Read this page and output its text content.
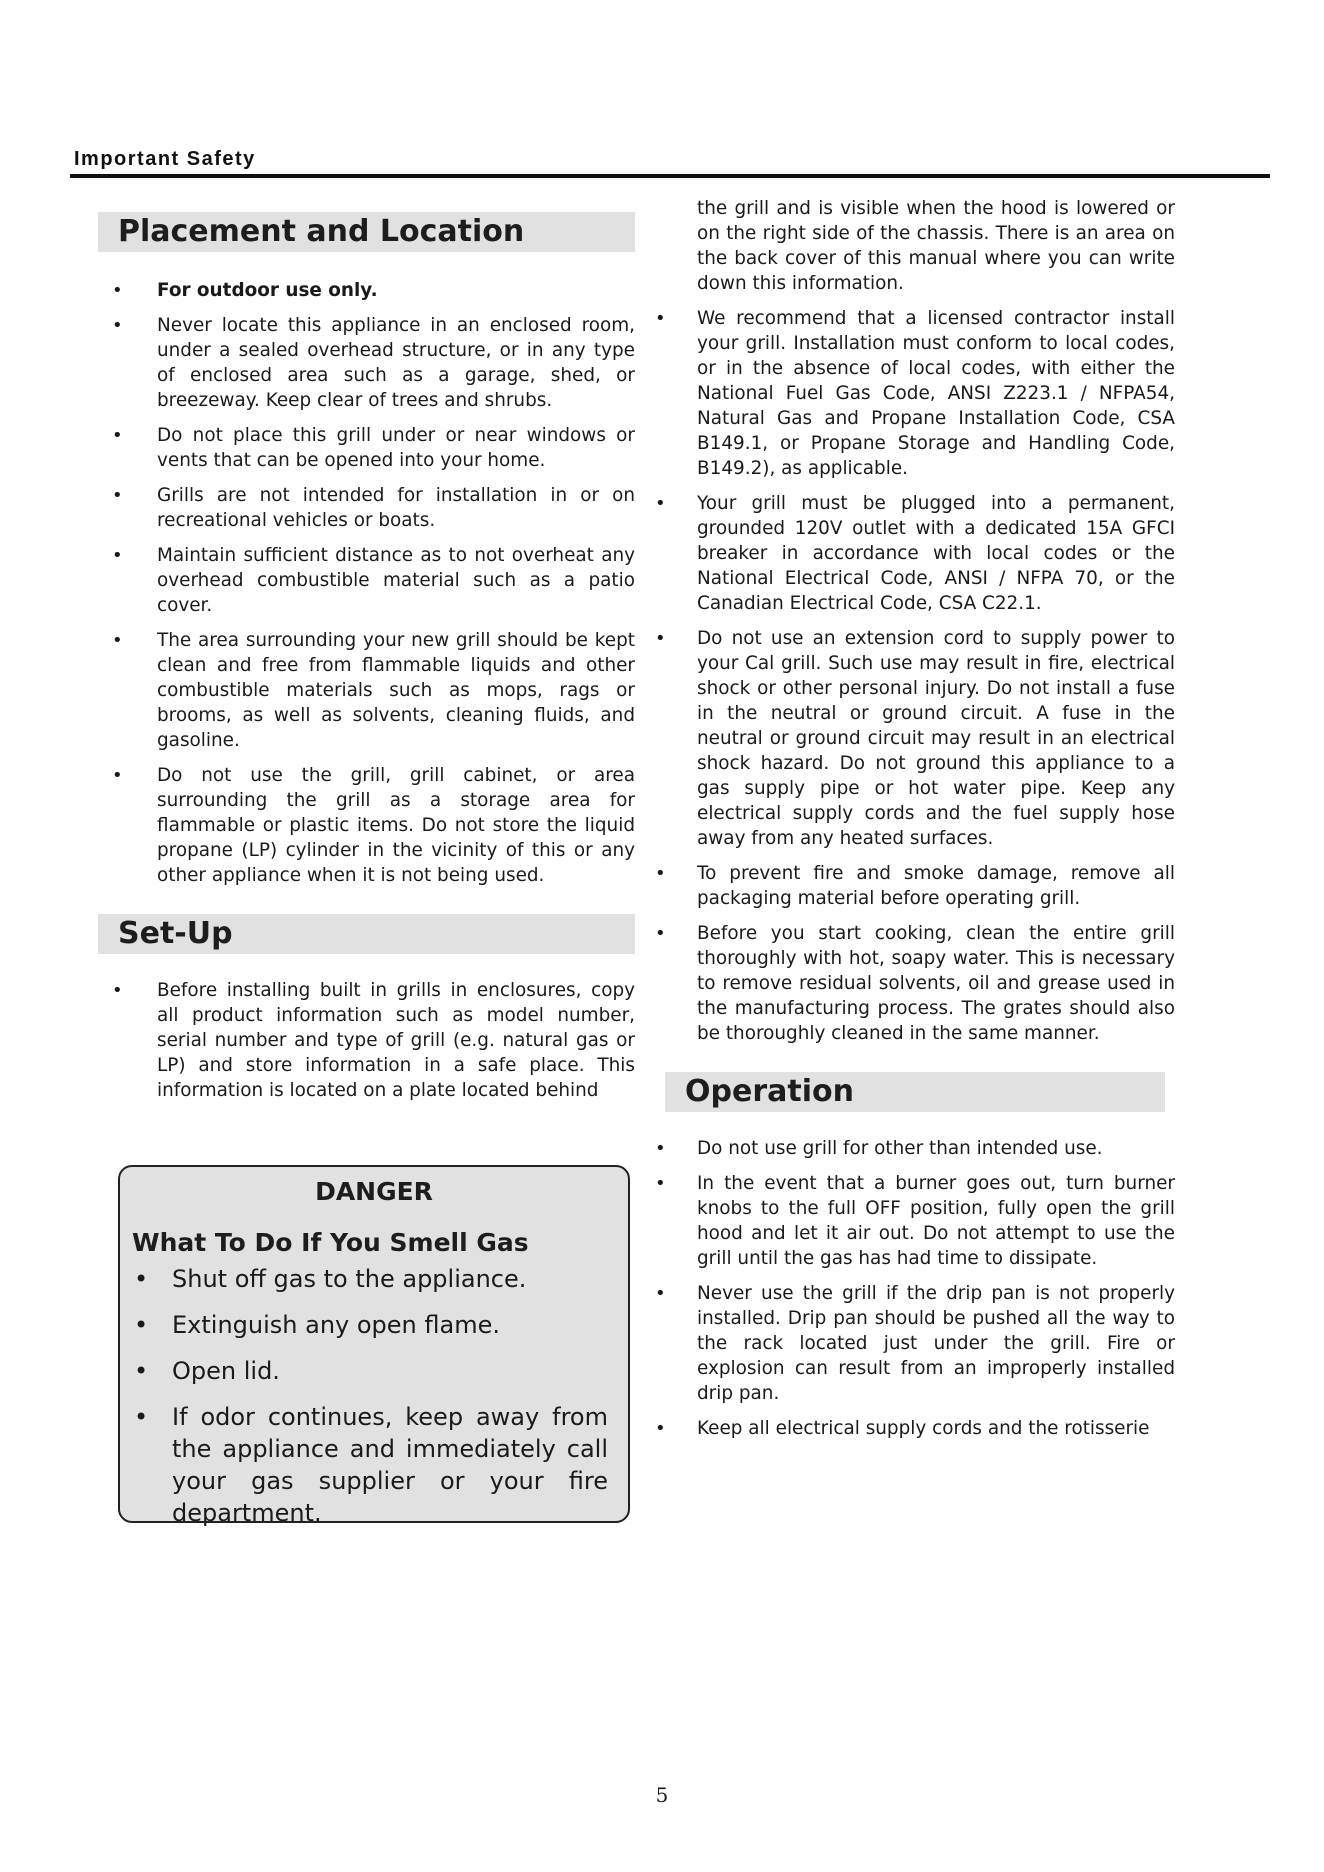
Important Safety
Placement and Location
• For outdoor use only.
• Never locate this appliance in an enclosed room, under a sealed overhead structure, or in any type of enclosed area such as a garage, shed, or breezeway. Keep clear of trees and shrubs.
• Do not place this grill under or near windows or vents that can be opened into your home.
• Grills are not intended for installation in or on recreational vehicles or boats.
• Maintain sufficient distance as to not overheat any overhead combustible material such as a patio cover.
• The area surrounding your new grill should be kept clean and free from flammable liquids and other combustible materials such as mops, rags or brooms, as well as solvents, cleaning fluids, and gasoline.
• Do not use the grill, grill cabinet, or area surrounding the grill as a storage area for flammable or plastic items. Do not store the liquid propane (LP) cylinder in the vicinity of this or any other appliance when it is not being used.
Set-Up
• Before installing built in grills in enclosures, copy all product information such as model number, serial number and type of grill (e.g. natural gas or LP) and store information in a safe place. This information is located on a plate located behind
DANGER
What To Do If You Smell Gas
• Shut off gas to the appliance.
• Extinguish any open flame.
• Open lid.
• If odor continues, keep away from the appliance and immediately call your gas supplier or your fire department.
the grill and is visible when the hood is lowered or on the right side of the chassis. There is an area on the back cover of this manual where you can write down this information.
• We recommend that a licensed contractor install your grill. Installation must conform to local codes, or in the absence of local codes, with either the National Fuel Gas Code, ANSI Z223.1 / NFPA54, Natural Gas and Propane Installation Code, CSA B149.1, or Propane Storage and Handling Code, B149.2), as applicable.
• Your grill must be plugged into a permanent, grounded 120V outlet with a dedicated 15A GFCI breaker in accordance with local codes or the National Electrical Code, ANSI / NFPA 70, or the Canadian Electrical Code, CSA C22.1.
• Do not use an extension cord to supply power to your Cal grill. Such use may result in fire, electrical shock or other personal injury. Do not install a fuse in the neutral or ground circuit. A fuse in the neutral or ground circuit may result in an electrical shock hazard. Do not ground this appliance to a gas supply pipe or hot water pipe. Keep any electrical supply cords and the fuel supply hose away from any heated surfaces.
• To prevent fire and smoke damage, remove all packaging material before operating grill.
• Before you start cooking, clean the entire grill thoroughly with hot, soapy water. This is necessary to remove residual solvents, oil and grease used in the manufacturing process. The grates should also be thoroughly cleaned in the same manner.
Operation
• Do not use grill for other than intended use.
• In the event that a burner goes out, turn burner knobs to the full OFF position, fully open the grill hood and let it air out. Do not attempt to use the grill until the gas has had time to dissipate.
• Never use the grill if the drip pan is not properly installed. Drip pan should be pushed all the way to the rack located just under the grill. Fire or explosion can result from an improperly installed drip pan.
• Keep all electrical supply cords and the rotisserie
5
